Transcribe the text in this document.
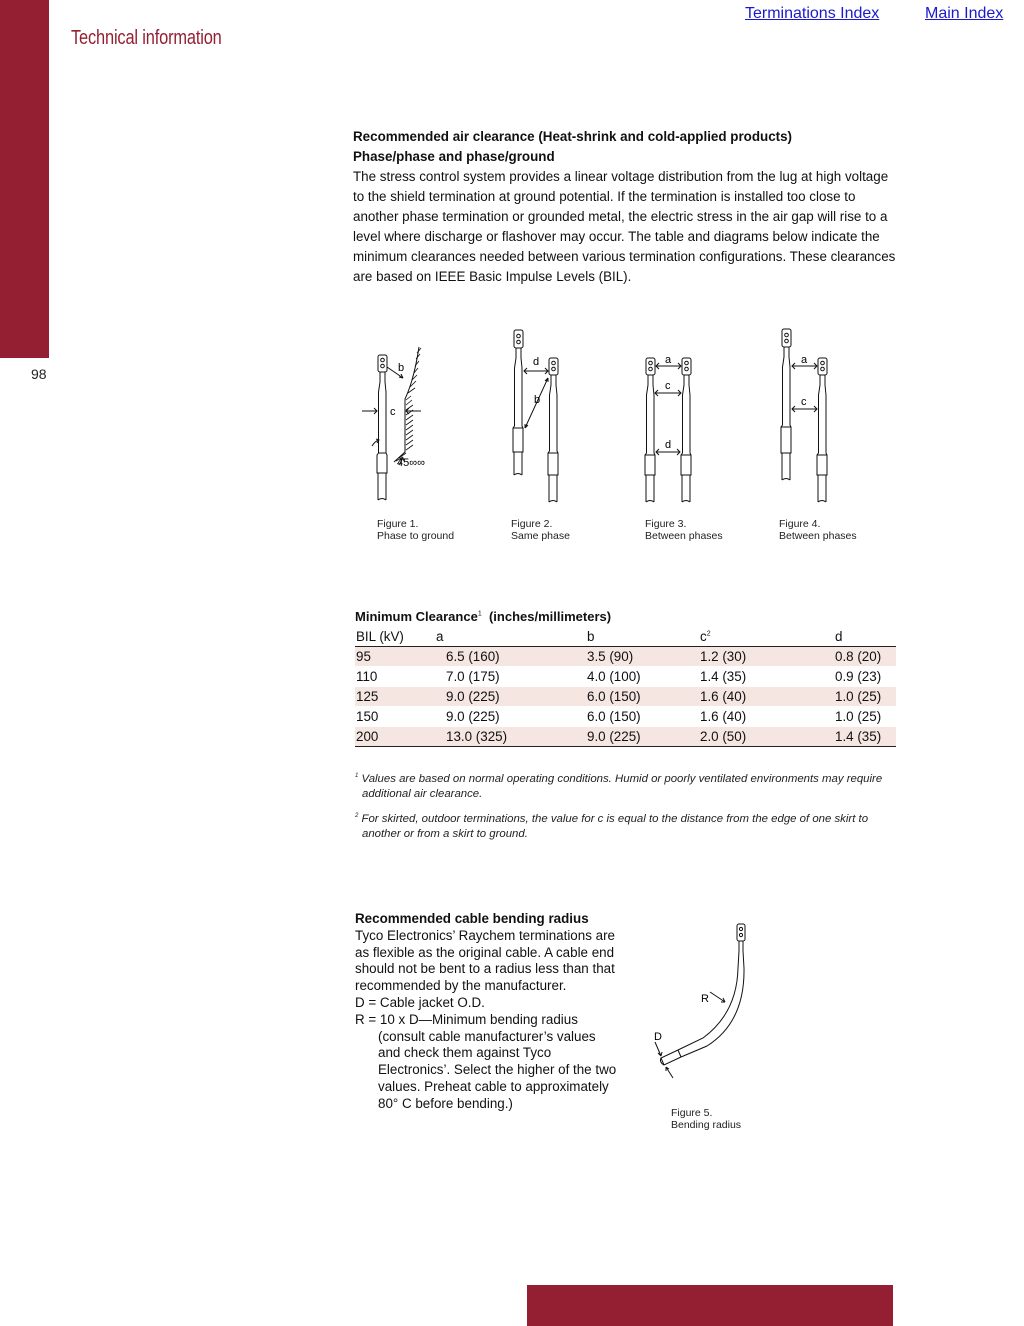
98
Technical information
Terminations Index	Main Index

Recommended air clearance (Heat-shrink and cold-applied products)

Phase/phase and phase/ground

The stress control system provides a linear voltage distribution from the lug at high voltage to the shield termination at ground potential. If the termination is installed too close to another phase termination or grounded metal, the electric stress in the air gap will rise to a level where discharge or flashover may occur. The table and diagrams below indicate the minimum clearances needed between various termination configurations. These clearances are based on IEEE Basic Impulse Levels (BIL).

b
c
45∞∞
Figure 1.
Phase to ground
d
b
Figure 2.
Same phase
a
c
d
Figure 3.
Between phases
a
c
Figure 4.
Between phases
Minimum Clearance$^1$ (inches/millimeters)
BIL (kV)	a	b	$c^2$	d
95	6.5 (160)	3.5 (90)	1.2 (30)	0.8 (20)
110	7.0 (175)	4.0 (100)	1.4 (35)	0.9 (23)
125	9.0 (225)	6.0 (150)	1.6 (40)	1.0 (25)
150	9.0 (225)	6.0 (150)	1.6 (40)	1.0 (25)
200	13.0 (325)	9.0 (225)	2.0 (50)	1.4 (35)

$^1$ Values are based on normal operating conditions. Humid or poorly ventilated environments may require additional air clearance.

$^2$ For skirted, outdoor terminations, the value for c is equal to the distance from the edge of one skirt to another or from a skirt to ground.

Recommended cable bending radius

Tyco Electronics’ Raychem terminations are as flexible as the original cable. A cable end should not be bent to a radius less than that recommended by the manufacturer.

D = Cable jacket O.D.

R = 10 x D—Minimum bending radius (consult cable manufacturer’s values and check them against Tyco Electronics’. Select the higher of the two values. Preheat cable to approximately 80° C before bending.)

R
D
Figure 5.
Bending radius
